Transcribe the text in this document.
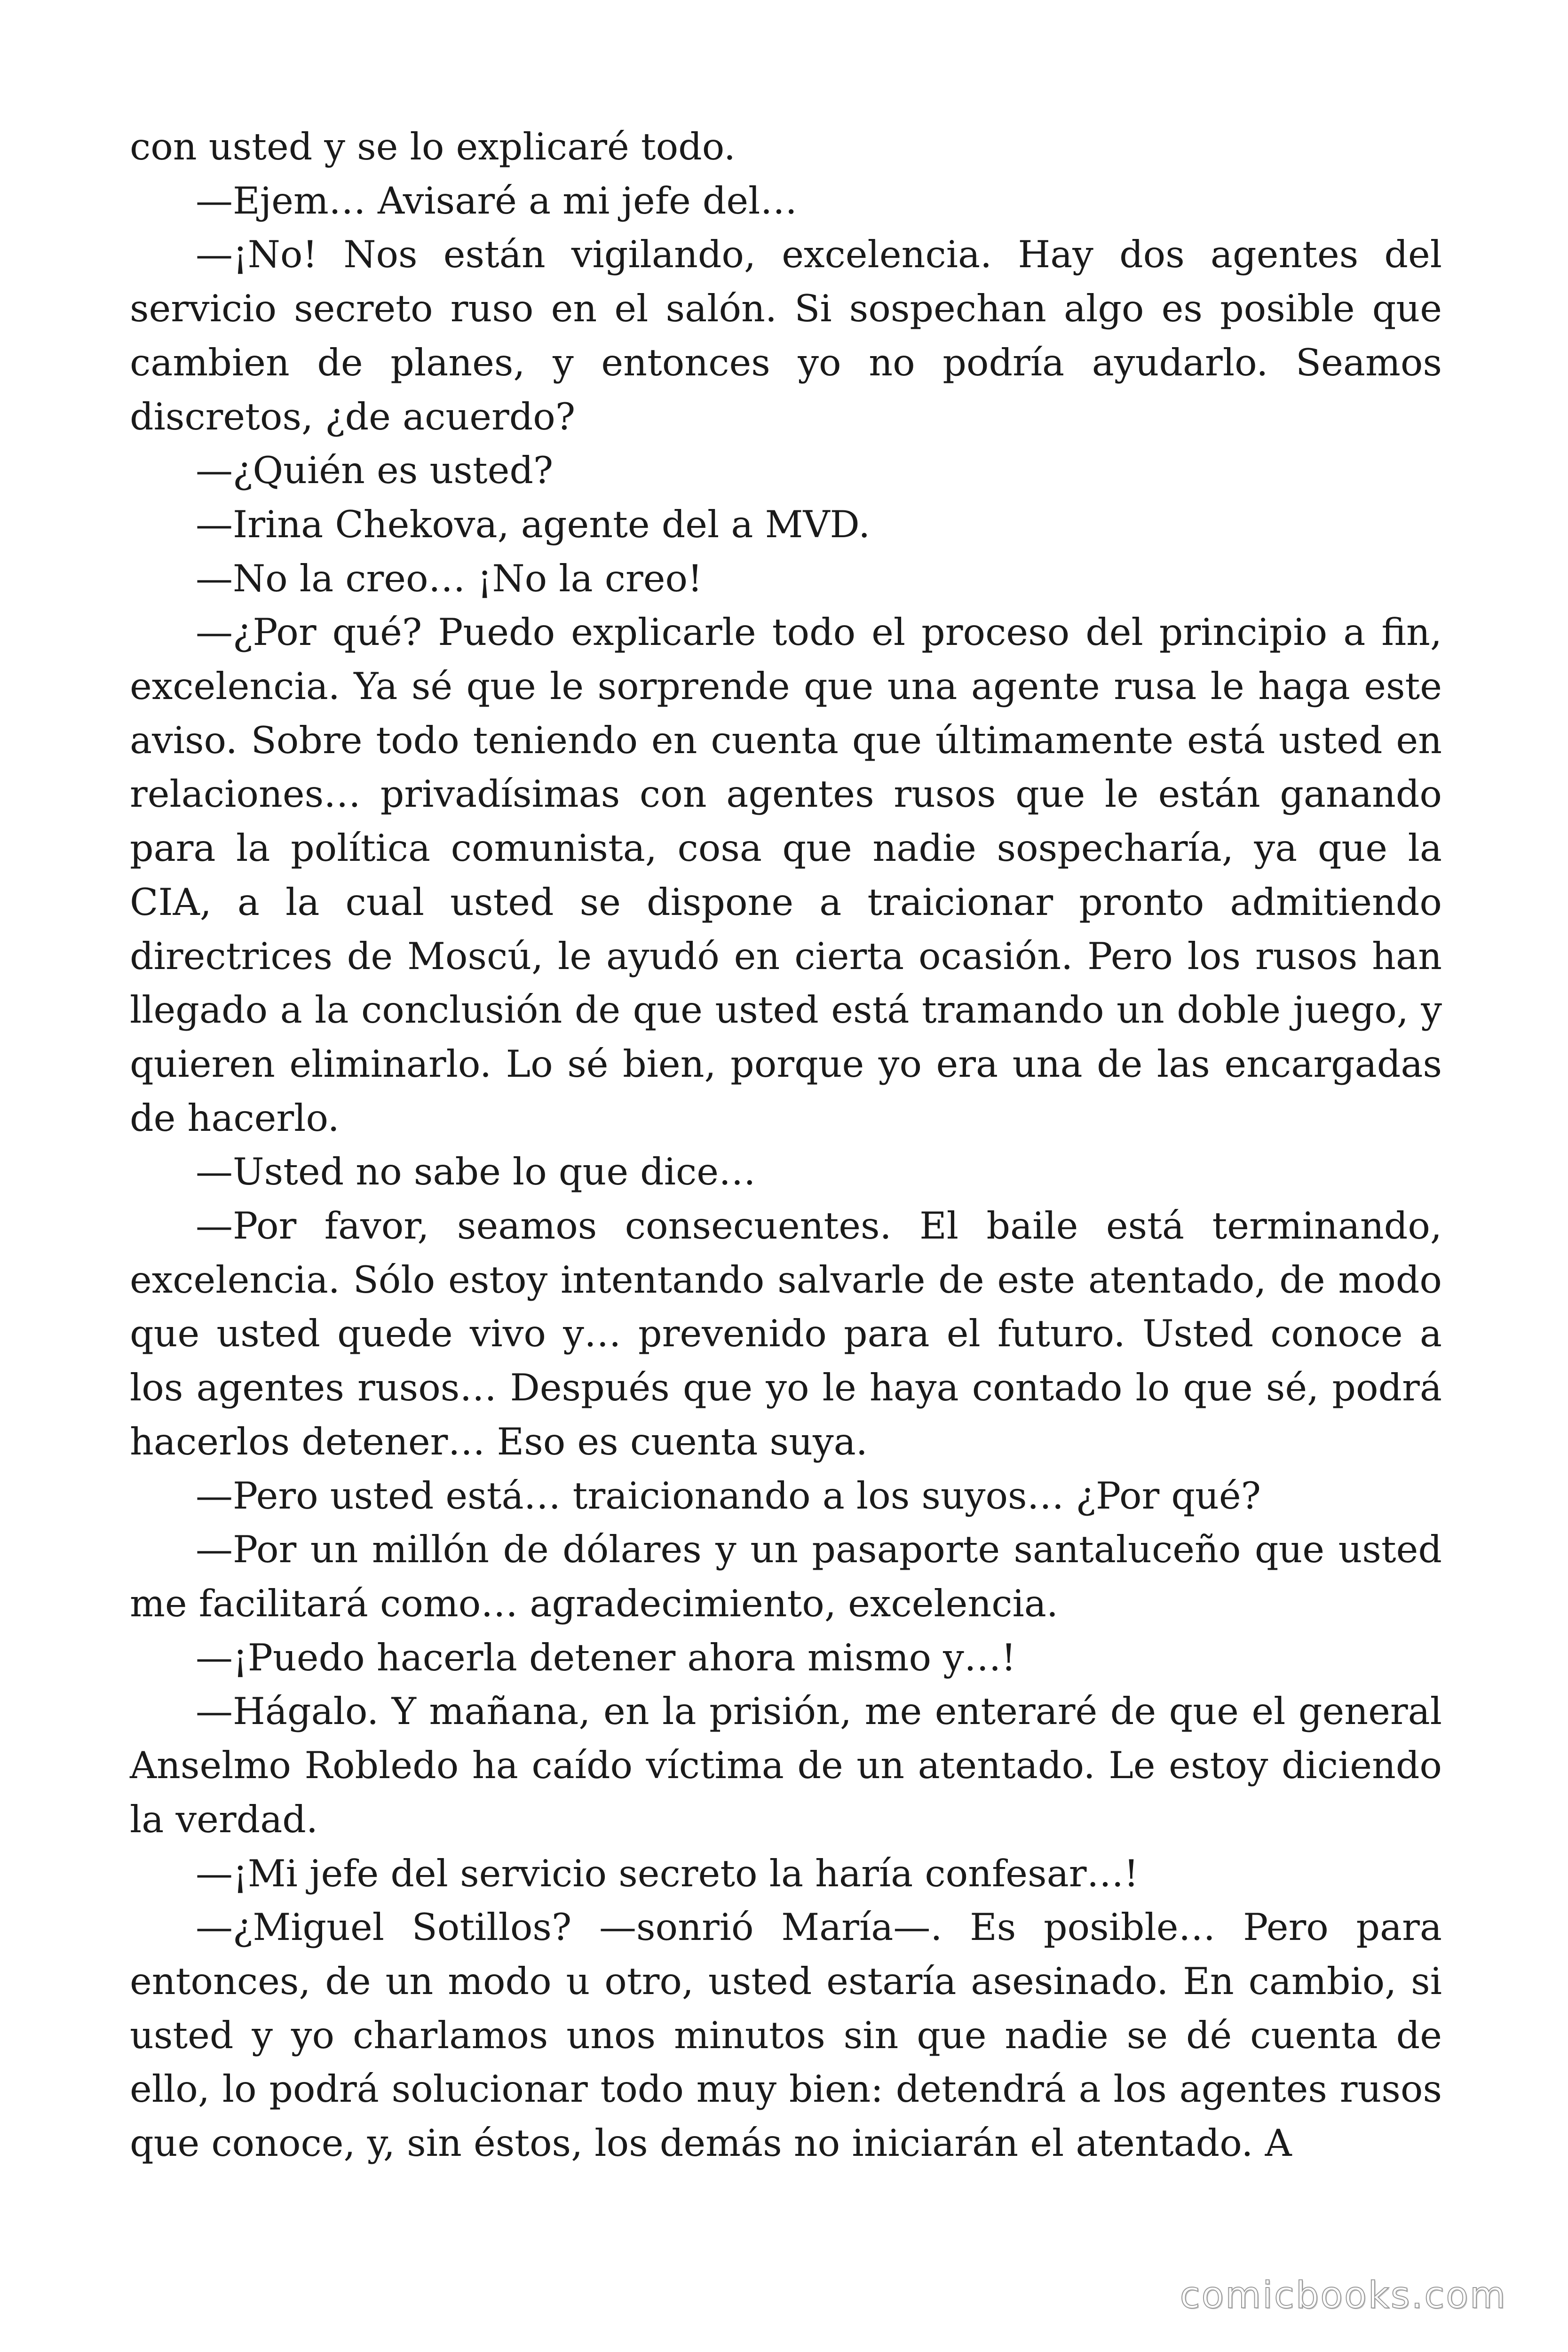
con usted y se lo explicaré todo.

—Ejem… Avisaré a mi jefe del…

—¡No! Nos están vigilando, excelencia. Hay dos agentes del servicio secreto ruso en el salón. Si sospechan algo es posible que cambien de planes, y entonces yo no podría ayudarlo. Seamos discretos, ¿de acuerdo?

—¿Quién es usted?

—Irina Chekova, agente del a MVD.

—No la creo… ¡No la creo!

—¿Por qué? Puedo explicarle todo el proceso del principio a fin, excelencia. Ya sé que le sorprende que una agente rusa le haga este aviso. Sobre todo teniendo en cuenta que últimamente está usted en relaciones… privadísimas con agentes rusos que le están ganando para la política comunista, cosa que nadie sospecharía, ya que la CIA, a la cual usted se dispone a traicionar pronto admitiendo directrices de Moscú, le ayudó en cierta ocasión. Pero los rusos han llegado a la conclusión de que usted está tramando un doble juego, y quieren eliminarlo. Lo sé bien, porque yo era una de las encargadas de hacerlo.

—Usted no sabe lo que dice…

—Por favor, seamos consecuentes. El baile está terminando, excelencia. Sólo estoy intentando salvarle de este atentado, de modo que usted quede vivo y… prevenido para el futuro. Usted conoce a los agentes rusos… Después que yo le haya contado lo que sé, podrá hacerlos detener… Eso es cuenta suya.

—Pero usted está… traicionando a los suyos… ¿Por qué?

—Por un millón de dólares y un pasaporte santaluceño que usted me facilitará como… agradecimiento, excelencia.

—¡Puedo hacerla detener ahora mismo y…!

—Hágalo. Y mañana, en la prisión, me enteraré de que el general Anselmo Robledo ha caído víctima de un atentado. Le estoy diciendo la verdad.

—¡Mi jefe del servicio secreto la haría confesar…!

—¿Miguel Sotillos? —sonrió María—. Es posible… Pero para entonces, de un modo u otro, usted estaría asesinado. En cambio, si usted y yo charlamos unos minutos sin que nadie se dé cuenta de ello, lo podrá solucionar todo muy bien: detendrá a los agentes rusos que conoce, y, sin éstos, los demás no iniciarán el atentado. A

comicbooks.com
